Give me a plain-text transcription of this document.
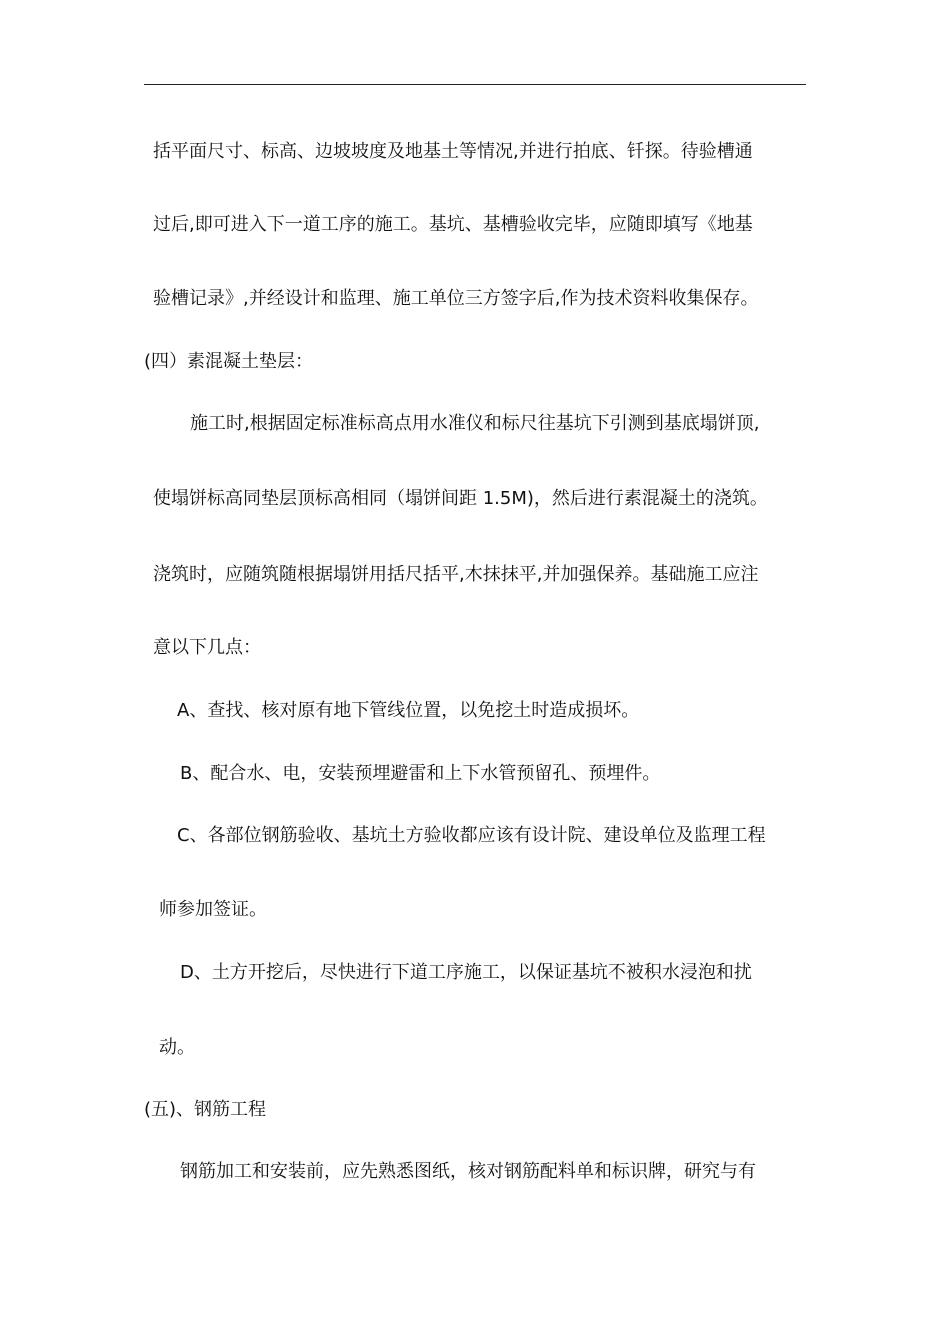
括平面尺寸、标高、边坡坡度及地基土等情况,并进行拍底、钎探。待验槽通

过后,即可进入下一道工序的施工。基坑、基槽验收完毕，应随即填写《地基

验槽记录》,并经设计和监理、施工单位三方签字后,作为技术资料收集保存。

(四）素混凝土垫层：

施工时,根据固定标准标高点用水准仪和标尺往基坑下引测到基底塌饼顶,

使塌饼标高同垫层顶标高相同（塌饼间距 1.5M)，然后进行素混凝土的浇筑。

浇筑时，应随筑随根据塌饼用括尺括平,木抹抹平,并加强保养。基础施工应注

意以下几点：

A、查找、核对原有地下管线位置，以免挖土时造成损坏。

B、配合水、电，安装预埋避雷和上下水管预留孔、预埋件。

C、各部位钢筋验收、基坑土方验收都应该有设计院、建设单位及监理工程

师参加签证。

D、土方开挖后，尽快进行下道工序施工，以保证基坑不被积水浸泡和扰

动。

(五)、钢筋工程

钢筋加工和安装前，应先熟悉图纸，核对钢筋配料单和标识牌，研究与有
